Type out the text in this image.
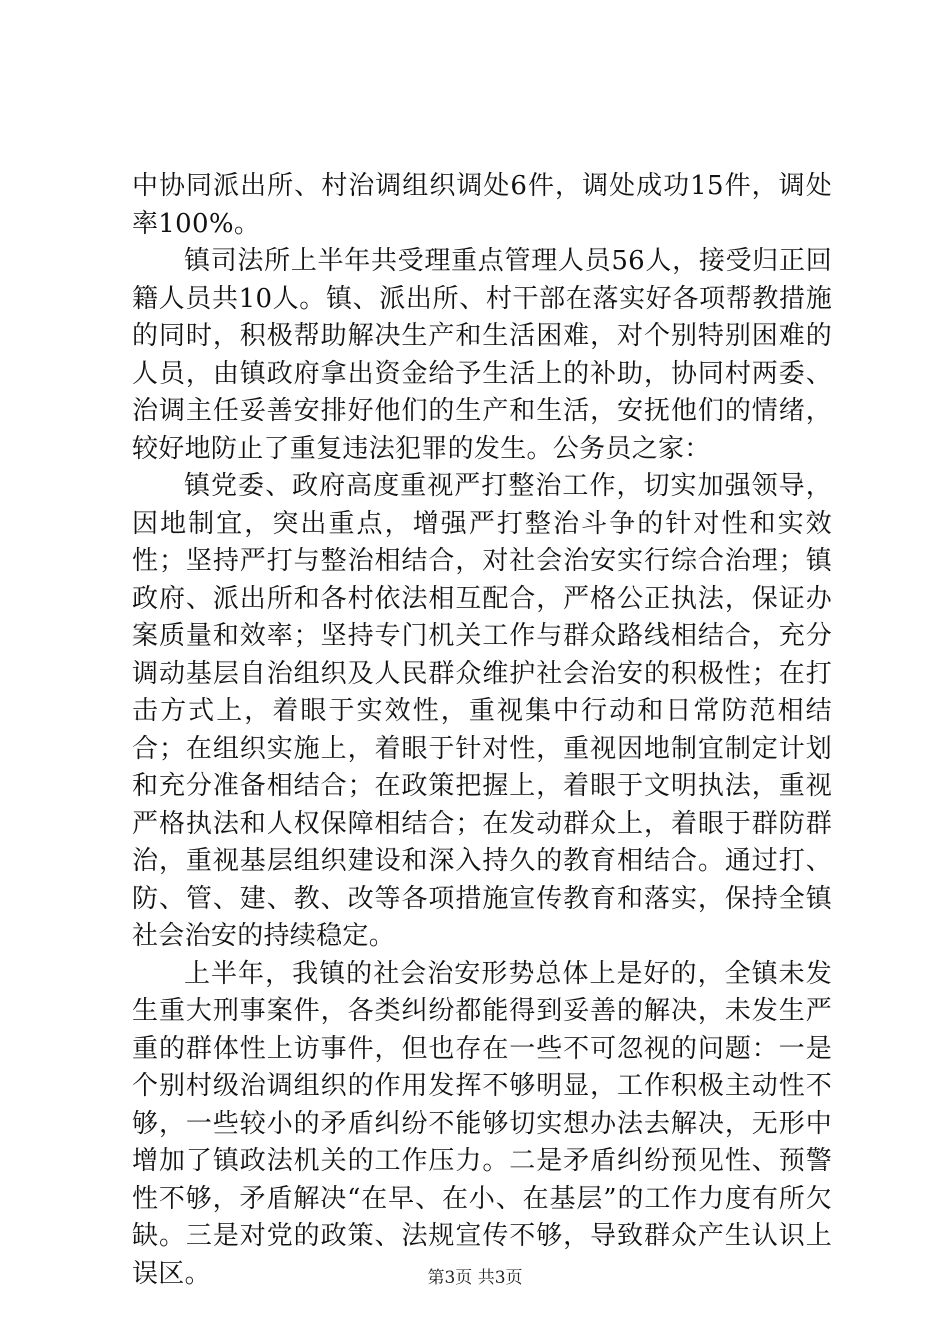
中协同派出所、村治调组织调处6件，调处成功15件，调处率100%。

镇司法所上半年共受理重点管理人员56人，接受归正回籍人员共10人。镇、派出所、村干部在落实好各项帮教措施的同时，积极帮助解决生产和生活困难，对个别特别困难的人员，由镇政府拿出资金给予生活上的补助，协同村两委、治调主任妥善安排好他们的生产和生活，安抚他们的情绪，较好地防止了重复违法犯罪的发生。公务员之家：

镇党委、政府高度重视严打整治工作，切实加强领导，因地制宜，突出重点，增强严打整治斗争的针对性和实效性；坚持严打与整治相结合，对社会治安实行综合治理；镇政府、派出所和各村依法相互配合，严格公正执法，保证办案质量和效率；坚持专门机关工作与群众路线相结合，充分调动基层自治组织及人民群众维护社会治安的积极性；在打击方式上，着眼于实效性，重视集中行动和日常防范相结合；在组织实施上，着眼于针对性，重视因地制宜制定计划和充分准备相结合；在政策把握上，着眼于文明执法，重视严格执法和人权保障相结合；在发动群众上，着眼于群防群治，重视基层组织建设和深入持久的教育相结合。通过打、防、管、建、教、改等各项措施宣传教育和落实，保持全镇社会治安的持续稳定。

上半年，我镇的社会治安形势总体上是好的，全镇未发生重大刑事案件，各类纠纷都能得到妥善的解决，未发生严重的群体性上访事件，但也存在一些不可忽视的问题：一是个别村级治调组织的作用发挥不够明显，工作积极主动性不够，一些较小的矛盾纠纷不能够切实想办法去解决，无形中增加了镇政法机关的工作压力。二是矛盾纠纷预见性、预警性不够，矛盾解决“在早、在小、在基层”的工作力度有所欠缺。三是对党的政策、法规宣传不够，导致群众产生认识上误区。	第3页 共3页
